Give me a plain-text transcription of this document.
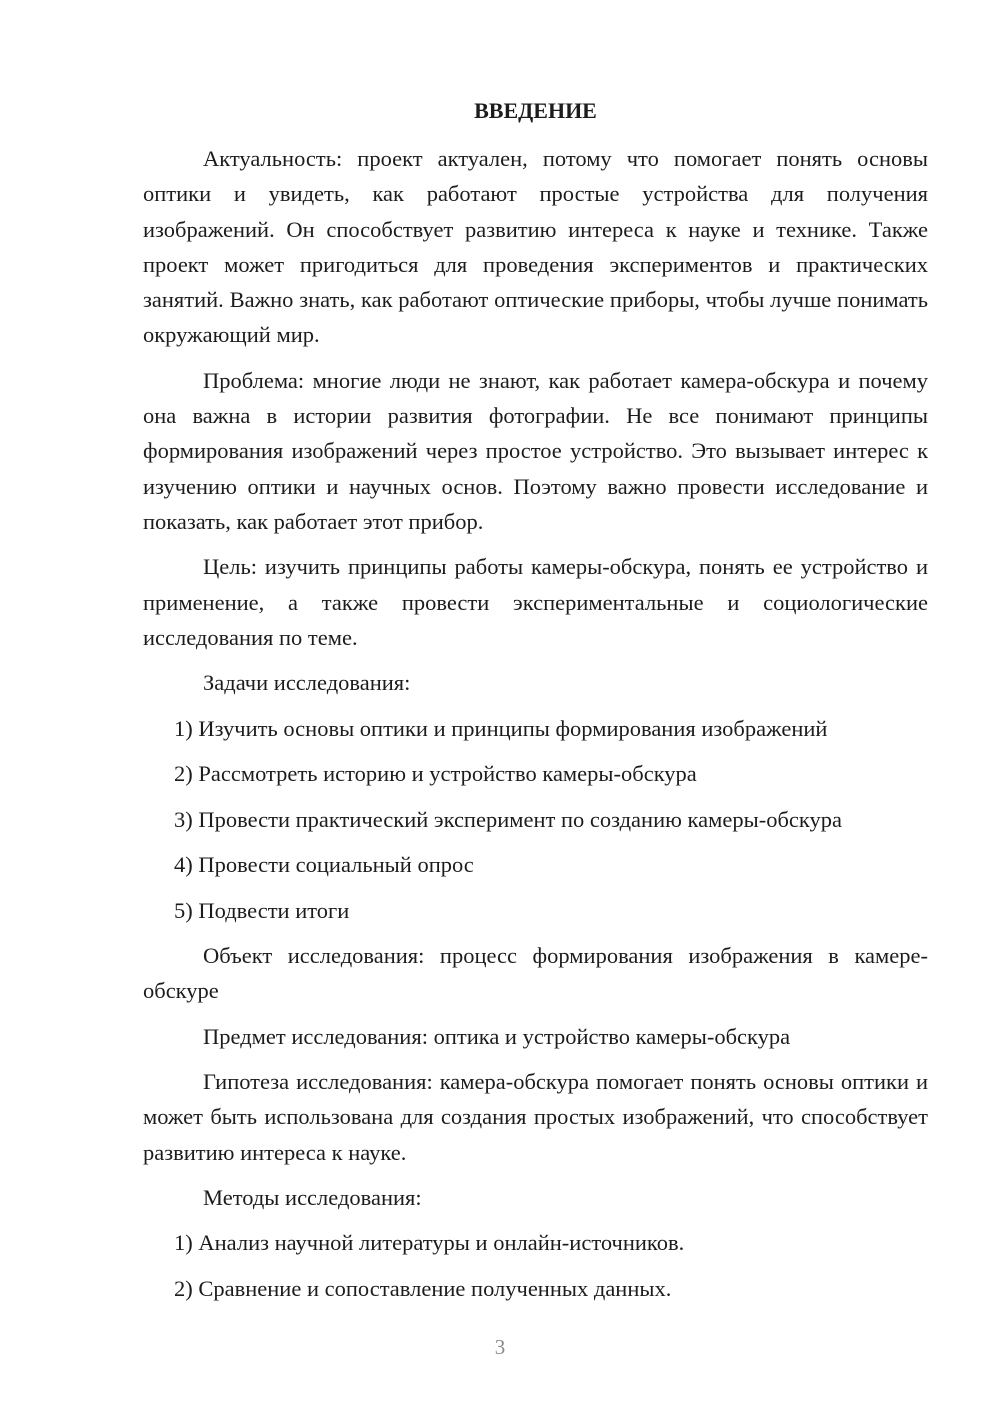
ВВЕДЕНИЕ

Актуальность: проект актуален, потому что помогает понять основы оптики и увидеть, как работают простые устройства для получения изображений. Он способствует развитию интереса к науке и технике. Также проект может пригодиться для проведения экспериментов и практических занятий. Важно знать, как работают оптические приборы, чтобы лучше понимать окружающий мир.

Проблема: многие люди не знают, как работает камера-обскура и почему она важна в истории развития фотографии. Не все понимают принципы формирования изображений через простое устройство. Это вызывает интерес к изучению оптики и научных основ. Поэтому важно провести исследование и показать, как работает этот прибор.

Цель: изучить принципы работы камеры-обскура, понять ее устройство и применение, а также провести экспериментальные и социологические исследования по теме.

Задачи исследования:
1) Изучить основы оптики и принципы формирования изображений
2) Рассмотреть историю и устройство камеры-обскура
3) Провести практический эксперимент по созданию камеры-обскура
4) Провести социальный опрос
5) Подвести итоги

Объект исследования: процесс формирования изображения в камере-обскуре

Предмет исследования: оптика и устройство камеры-обскура

Гипотеза исследования: камера-обскура помогает понять основы оптики и может быть использована для создания простых изображений, что способствует развитию интереса к науке.

Методы исследования:
1) Анализ научной литературы и онлайн-источников.
2) Сравнение и сопоставление полученных данных.
3
